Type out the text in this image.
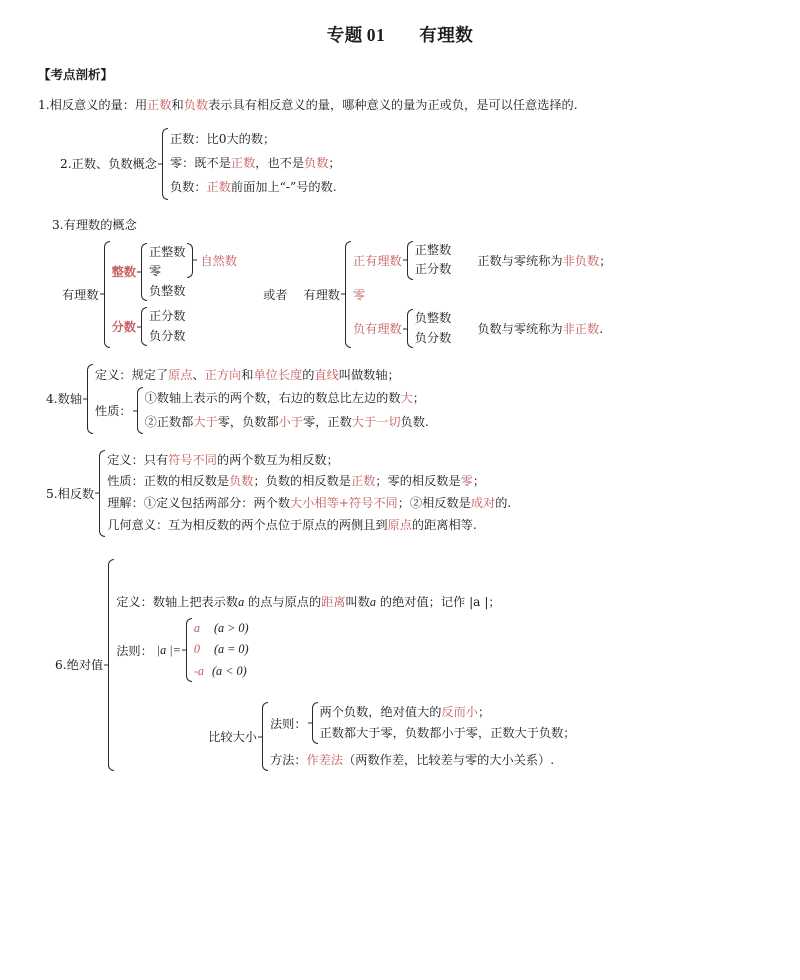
专题 01 有理数
【考点剖析】
1.相反意义的量：用正数和负数表示具有相反意义的量，哪种意义的量为正或负，是可以任意选择的.
2.正数、负数概念
正数：比0大的数；
零：既不是正数，也不是负数；
负数：正数前面加上“-”号的数.
3.有理数的概念
有理数
整数
正整数
零
负整数
自然数
分数
正分数
负分数
或者 有理数
正有理数
正整数
正分数
正数与零统称为非负数；
零
负有理数
负整数
负分数
负数与零统称为非正数.
4.数轴
定义：规定了原点、正方向和单位长度的直线叫做数轴；
性质：
①数轴上表示的两个数，右边的数总比左边的数大；
②正数都大于零，负数都小于零，正数大于一切负数.
5.相反数
定义：只有符号不同的两个数互为相反数；
性质：正数的相反数是负数；负数的相反数是正数；零的相反数是零；
理解：①定义包括两部分：两个数大小相等+符号不同；②相反数是成对的.
几何意义：互为相反数的两个点位于原点的两侧且到原点的距离相等.
6.绝对值
定义：数轴上把表示数a 的点与原点的距离叫数a 的绝对值；记作 |a |；
法则： |a |=
a (a > 0)
0 (a = 0)
-a (a < 0)
比较大小
法则：
两个负数，绝对值大的反而小；
正数都大于零，负数都小于零，正数大于负数；
方法：作差法（两数作差，比较差与零的大小关系）.
